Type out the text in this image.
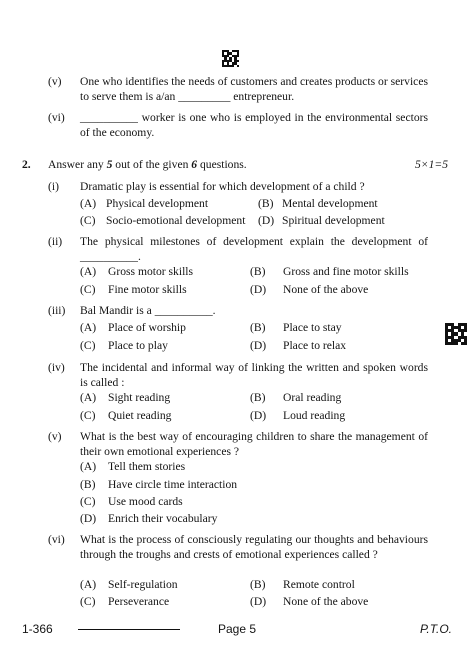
(v) One who identifies the needs of customers and creates products or services to serve them is a/an _________ entrepreneur.
(vi) __________ worker is one who is employed in the environmental sectors of the economy.
2. Answer any 5 out of the given 6 questions.	5×1=5
(i) Dramatic play is essential for which development of a child ?
(A) Physical development	(B) Mental development
(C) Socio-emotional development (D) Spiritual development
(ii) The physical milestones of development explain the development of __________.
(A) Gross motor skills	(B) Gross and fine motor skills
(C) Fine motor skills	(D) None of the above
(iii) Bal Mandir is a __________.
(A) Place of worship	(B) Place to stay
(C) Place to play	(D) Place to relax
(iv) The incidental and informal way of linking the written and spoken words is called :
(A) Sight reading	(B) Oral reading
(C) Quiet reading	(D) Loud reading
(v) What is the best way of encouraging children to share the management of their own emotional experiences ?
(A) Tell them stories
(B) Have circle time interaction
(C) Use mood cards
(D) Enrich their vocabulary
(vi) What is the process of consciously regulating our thoughts and behaviours through the troughs and crests of emotional experiences called ?
(A) Self-regulation	(B) Remote control
(C) Perseverance	(D) None of the above
1-366	Page 5	P.T.O.
